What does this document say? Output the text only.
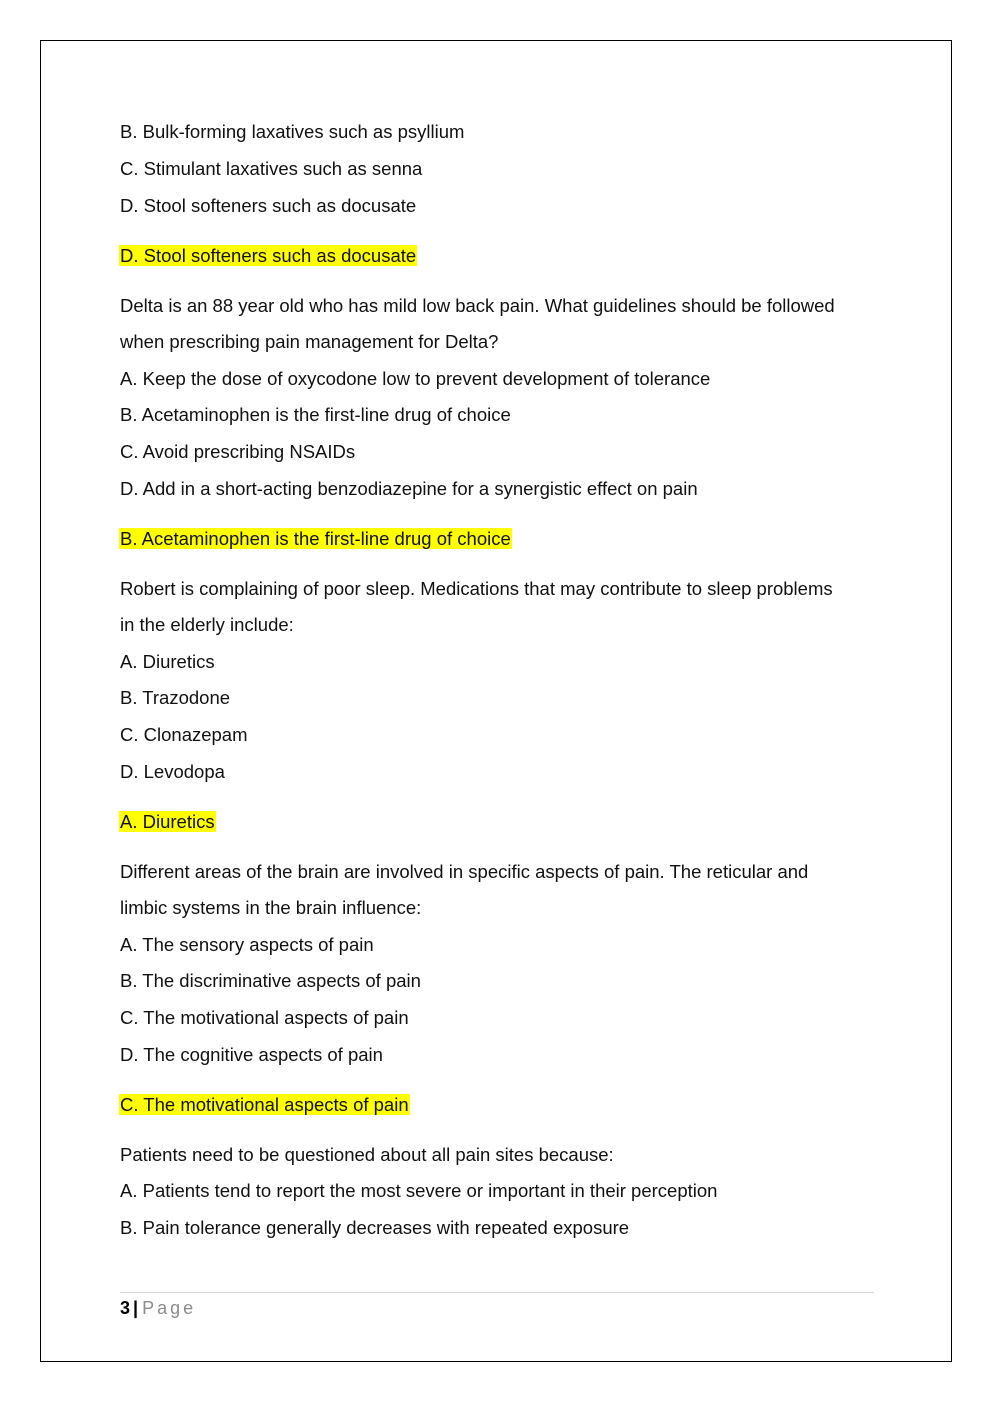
B. Bulk-forming laxatives such as psyllium
C. Stimulant laxatives such as senna
D. Stool softeners such as docusate
D. Stool softeners such as docusate
Delta is an 88 year old who has mild low back pain. What guidelines should be followed
when prescribing pain management for Delta?
A. Keep the dose of oxycodone low to prevent development of tolerance
B. Acetaminophen is the first-line drug of choice
C. Avoid prescribing NSAIDs
D. Add in a short-acting benzodiazepine for a synergistic effect on pain
B. Acetaminophen is the first-line drug of choice
Robert is complaining of poor sleep. Medications that may contribute to sleep problems
in the elderly include:
A. Diuretics
B. Trazodone
C. Clonazepam
D. Levodopa
A. Diuretics
Different areas of the brain are involved in specific aspects of pain. The reticular and
limbic systems in the brain influence:
A. The sensory aspects of pain
B. The discriminative aspects of pain
C. The motivational aspects of pain
D. The cognitive aspects of pain
C. The motivational aspects of pain
Patients need to be questioned about all pain sites because:
A. Patients tend to report the most severe or important in their perception
B. Pain tolerance generally decreases with repeated exposure
3 | Page
